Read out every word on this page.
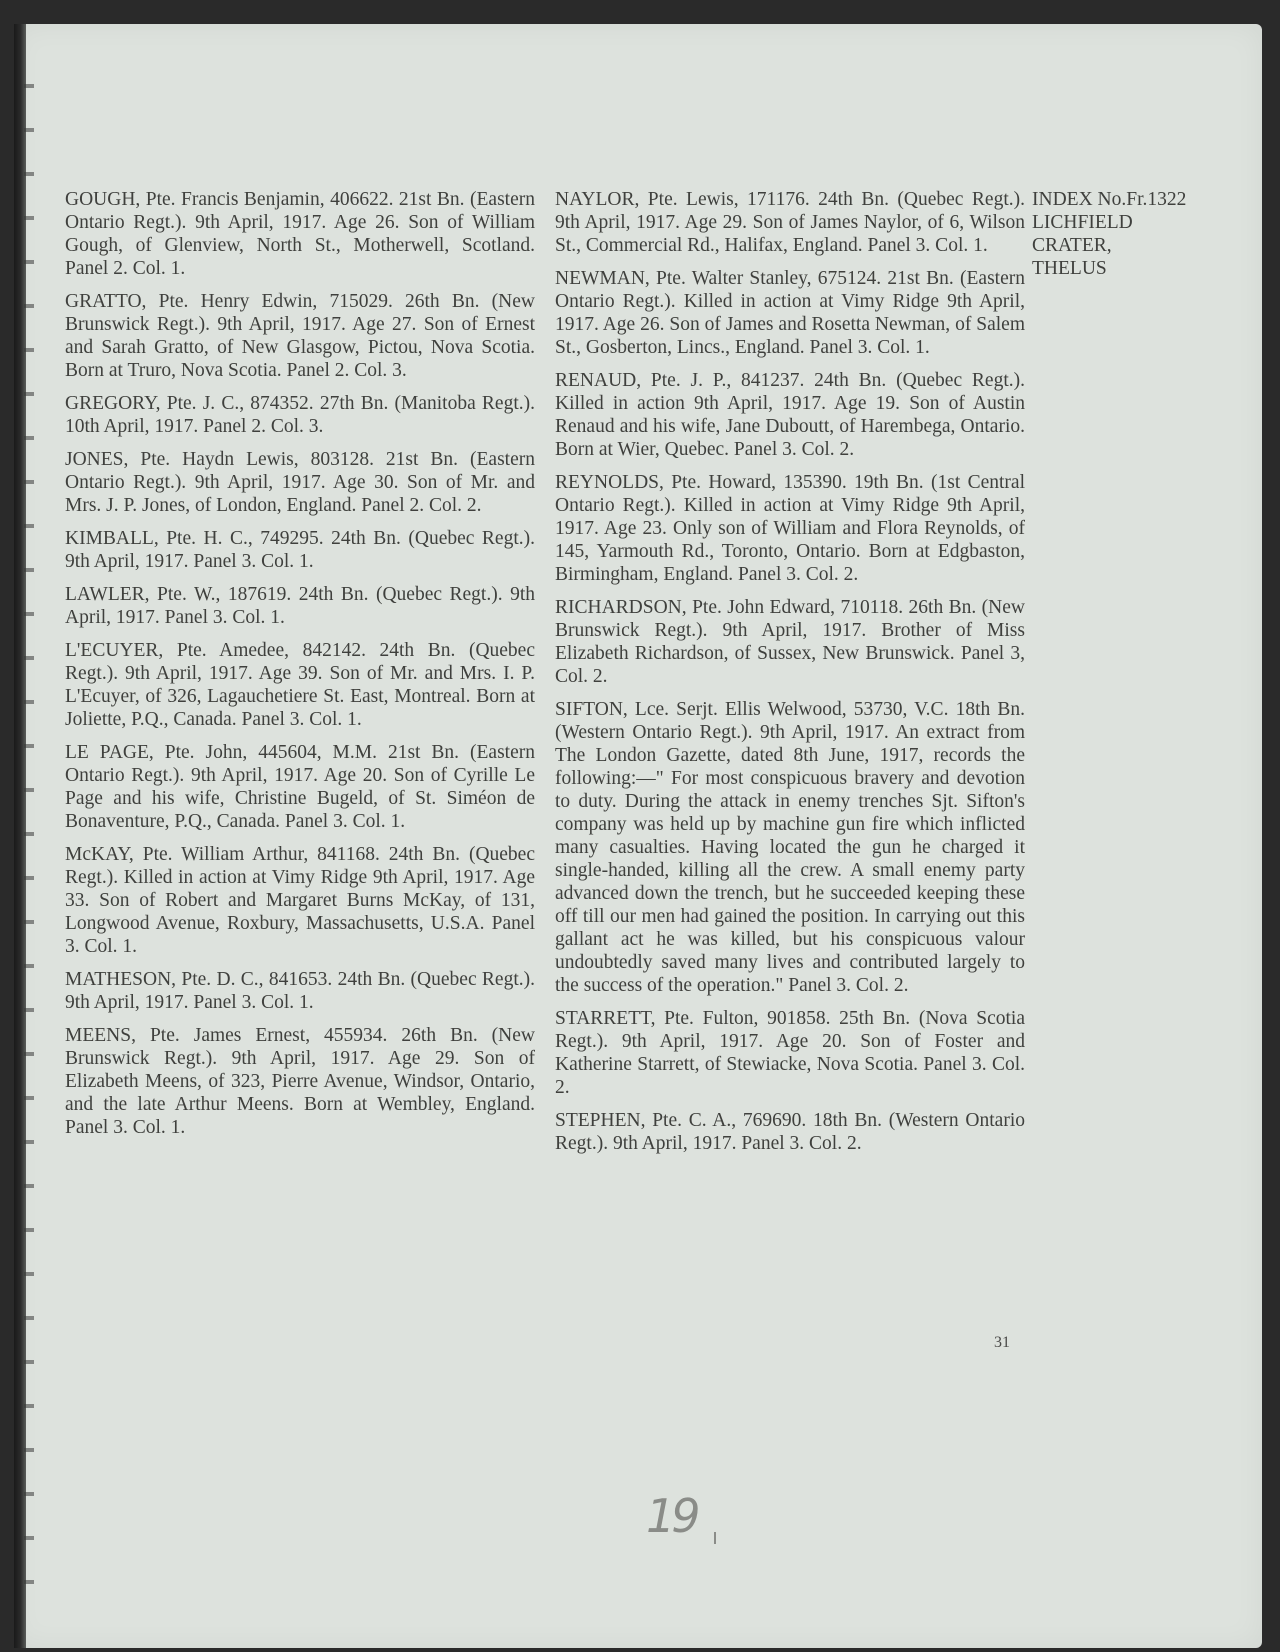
GOUGH, Pte. Francis Benjamin, 406622. 21st Bn. (Eastern Ontario Regt.). 9th April, 1917. Age 26. Son of William Gough, of Glenview, North St., Motherwell, Scotland. Panel 2. Col. 1.

GRATTO, Pte. Henry Edwin, 715029. 26th Bn. (New Brunswick Regt.). 9th April, 1917. Age 27. Son of Ernest and Sarah Gratto, of New Glasgow, Pictou, Nova Scotia. Born at Truro, Nova Scotia. Panel 2. Col. 3.

GREGORY, Pte. J. C., 874352. 27th Bn. (Manitoba Regt.). 10th April, 1917. Panel 2. Col. 3.

JONES, Pte. Haydn Lewis, 803128. 21st Bn. (Eastern Ontario Regt.). 9th April, 1917. Age 30. Son of Mr. and Mrs. J. P. Jones, of London, England. Panel 2. Col. 2.

KIMBALL, Pte. H. C., 749295. 24th Bn. (Quebec Regt.). 9th April, 1917. Panel 3. Col. 1.

LAWLER, Pte. W., 187619. 24th Bn. (Quebec Regt.). 9th April, 1917. Panel 3. Col. 1.

L'ECUYER, Pte. Amedee, 842142. 24th Bn. (Quebec Regt.). 9th April, 1917. Age 39. Son of Mr. and Mrs. I. P. L'Ecuyer, of 326, Lagauchetiere St. East, Montreal. Born at Joliette, P.Q., Canada. Panel 3. Col. 1.

LE PAGE, Pte. John, 445604, M.M. 21st Bn. (Eastern Ontario Regt.). 9th April, 1917. Age 20. Son of Cyrille Le Page and his wife, Christine Bugeld, of St. Siméon de Bonaventure, P.Q., Canada. Panel 3. Col. 1.

McKAY, Pte. William Arthur, 841168. 24th Bn. (Quebec Regt.). Killed in action at Vimy Ridge 9th April, 1917. Age 33. Son of Robert and Margaret Burns McKay, of 131, Longwood Avenue, Roxbury, Massachusetts, U.S.A. Panel 3. Col. 1.

MATHESON, Pte. D. C., 841653. 24th Bn. (Quebec Regt.). 9th April, 1917. Panel 3. Col. 1.

MEENS, Pte. James Ernest, 455934. 26th Bn. (New Brunswick Regt.). 9th April, 1917. Age 29. Son of Elizabeth Meens, of 323, Pierre Avenue, Windsor, Ontario, and the late Arthur Meens. Born at Wembley, England. Panel 3. Col. 1.

NAYLOR, Pte. Lewis, 171176. 24th Bn. (Quebec Regt.). 9th April, 1917. Age 29. Son of James Naylor, of 6, Wilson St., Commercial Rd., Halifax, England. Panel 3. Col. 1.

NEWMAN, Pte. Walter Stanley, 675124. 21st Bn. (Eastern Ontario Regt.). Killed in action at Vimy Ridge 9th April, 1917. Age 26. Son of James and Rosetta Newman, of Salem St., Gosberton, Lincs., England. Panel 3. Col. 1.

RENAUD, Pte. J. P., 841237. 24th Bn. (Quebec Regt.). Killed in action 9th April, 1917. Age 19. Son of Austin Renaud and his wife, Jane Duboutt, of Harembega, Ontario. Born at Wier, Quebec. Panel 3. Col. 2.

REYNOLDS, Pte. Howard, 135390. 19th Bn. (1st Central Ontario Regt.). Killed in action at Vimy Ridge 9th April, 1917. Age 23. Only son of William and Flora Reynolds, of 145, Yarmouth Rd., Toronto, Ontario. Born at Edgbaston, Birmingham, England. Panel 3. Col. 2.

RICHARDSON, Pte. John Edward, 710118. 26th Bn. (New Brunswick Regt.). 9th April, 1917. Brother of Miss Elizabeth Richardson, of Sussex, New Brunswick. Panel 3, Col. 2.

SIFTON, Lce. Serjt. Ellis Welwood, 53730, V.C. 18th Bn. (Western Ontario Regt.). 9th April, 1917. An extract from The London Gazette, dated 8th June, 1917, records the following:—" For most conspicuous bravery and devotion to duty. During the attack in enemy trenches Sjt. Sifton's company was held up by machine gun fire which inflicted many casualties. Having located the gun he charged it single-handed, killing all the crew. A small enemy party advanced down the trench, but he succeeded keeping these off till our men had gained the position. In carrying out this gallant act he was killed, but his conspicuous valour undoubtedly saved many lives and contributed largely to the success of the operation." Panel 3. Col. 2.

STARRETT, Pte. Fulton, 901858. 25th Bn. (Nova Scotia Regt.). 9th April, 1917. Age 20. Son of Foster and Katherine Starrett, of Stewiacke, Nova Scotia. Panel 3. Col. 2.

STEPHEN, Pte. C. A., 769690. 18th Bn. (Western Ontario Regt.). 9th April, 1917. Panel 3. Col. 2.

INDEX No.Fr.1322
LICHFIELD
CRATER,
THELUS
31
19
